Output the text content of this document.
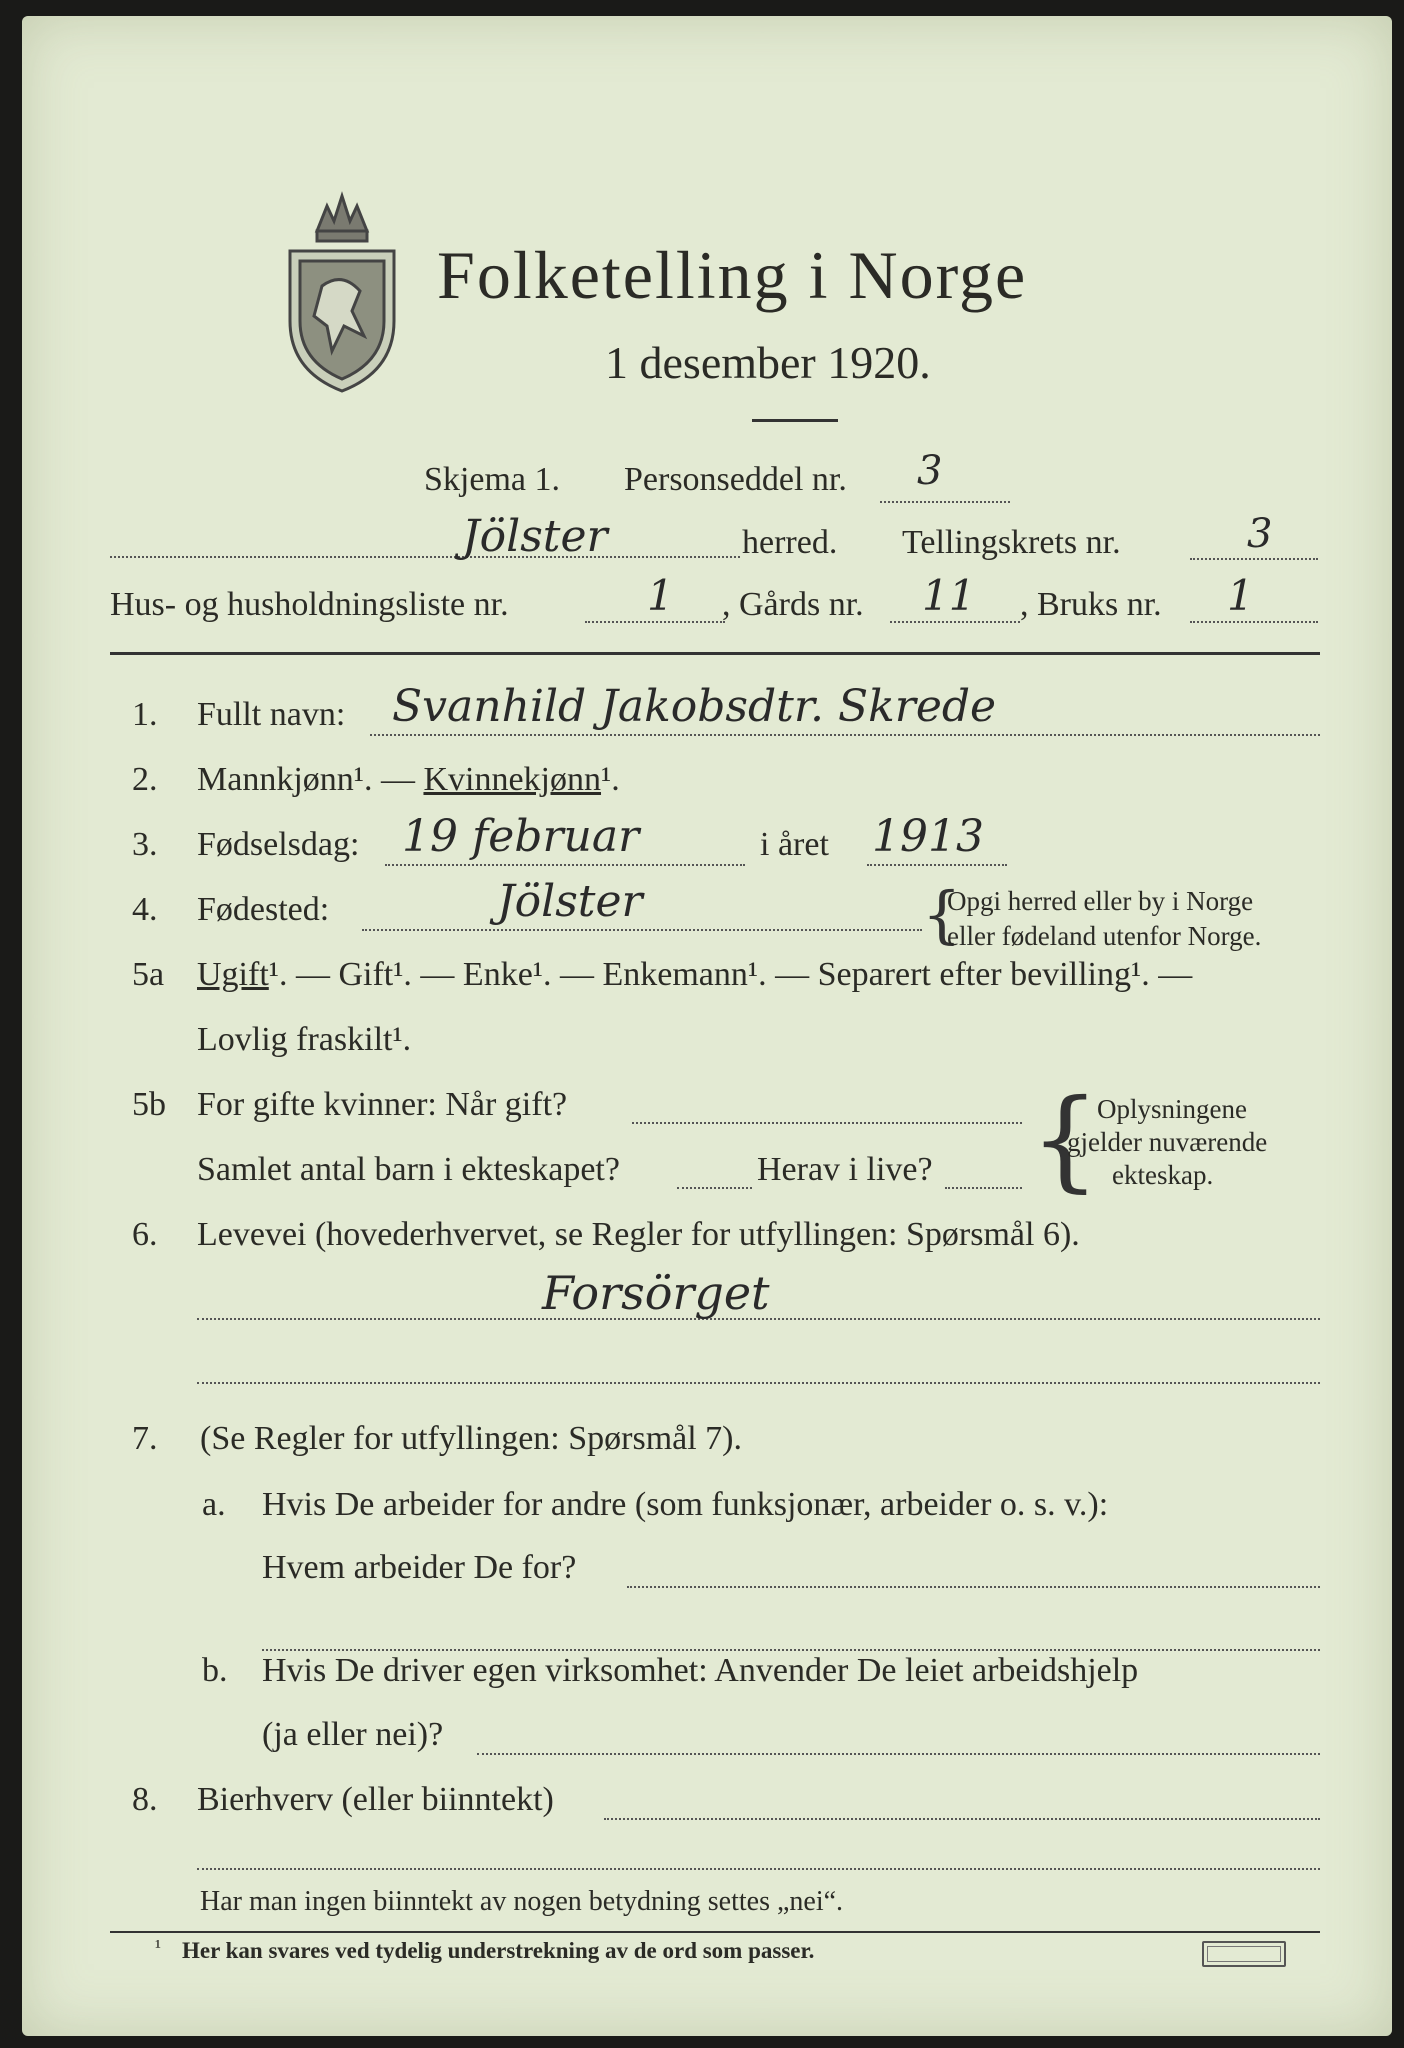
Folketelling i Norge
1 desember 1920.
Skjema 1. Personseddel nr. 3
Jölster	herred. Tellingskrets nr.	3
Hus- og husholdningsliste nr.	1 , Gårds nr. 11 , Bruks nr. 1
1. Fullt navn: Svanhild Jakobsdtr. Skrede
2. Mannkjønn¹. — Kvinnekjønn¹.
3. Fødselsdag: 19 februar	i året 1913
4. Fødested:	Jölster	{
Opgi herred eller by i Norge
eller fødeland utenfor Norge.
5a Ugift¹. — Gift¹. — Enke¹. — Enkemann¹. — Separert efter bevilling¹. —
Lovlig fraskilt¹.
5b For gifte kvinner: Når gift?
Samlet antal barn i ekteskapet?	Herav i live? {
Oplysningene
gjelder nuværende
ekteskap.
6. Levevei (hovederhvervet, se Regler for utfyllingen: Spørsmål 6).
Forsörget
7. (Se Regler for utfyllingen: Spørsmål 7).
a. Hvis De arbeider for andre (som funksjonær, arbeider o. s. v.):
Hvem arbeider De for?
b. Hvis De driver egen virksomhet: Anvender De leiet arbeidshjelp
(ja eller nei)?
8. Bierhverv (eller biinntekt)
Har man ingen biinntekt av nogen betydning settes „nei“.
¹ Her kan svares ved tydelig understrekning av de ord som passer.
